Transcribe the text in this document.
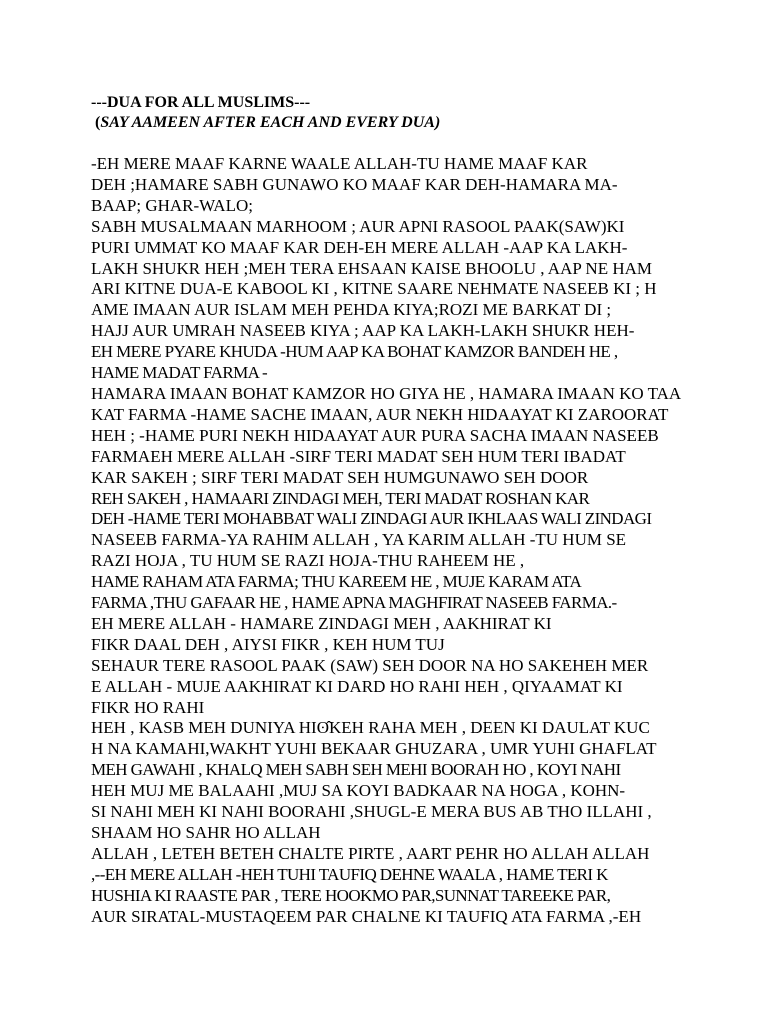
---DUA FOR ALL MUSLIMS---
(SAY AAMEEN AFTER EACH AND EVERY DUA)
-EH MERE MAAF KARNE WAALE ALLAH-TU HAME MAAF KAR
DEH ;HAMARE SABH GUNAWO KO MAAF KAR DEH-HAMARA MA-
BAAP; GHAR-WALO;
SABH MUSALMAAN MARHOOM ; AUR APNI RASOOL PAAK(SAW)KI
PURI UMMAT KO MAAF KAR DEH-EH MERE ALLAH -AAP KA LAKH-
LAKH SHUKR HEH ;MEH TERA EHSAAN KAISE BHOOLU , AAP NE HAM
ARI KITNE DUA-E KABOOL KI , KITNE SAARE NEHMATE NASEEB KI ; H
AME IMAAN AUR ISLAM MEH PEHDA KIYA;ROZI ME BARKAT DI ;
HAJJ AUR UMRAH NASEEB KIYA ; AAP KA LAKH-LAKH SHUKR HEH-
EH MERE PYARE KHUDA -HUM AAP KA BOHAT KAMZOR BANDEH HE ,
HAME MADAT FARMA -
HAMARA IMAAN BOHAT KAMZOR HO GIYA HE , HAMARA IMAAN KO TAA
KAT FARMA -HAME SACHE IMAAN, AUR NEKH HIDAAYAT KI ZAROORAT
HEH ; -HAME PURI NEKH HIDAAYAT AUR PURA SACHA IMAAN NASEEB
FARMAEH MERE ALLAH -SIRF TERI MADAT SEH HUM TERI IBADAT
KAR SAKEH ; SIRF TERI MADAT SEH HUMGUNAWO SEH DOOR
REH SAKEH , HAMAARI ZINDAGI MEH, TERI MADAT ROSHAN KAR
DEH -HAME TERI MOHABBAT WALI ZINDAGI AUR IKHLAAS WALI ZINDAGI
NASEEB FARMA-YA RAHIM ALLAH , YA KARIM ALLAH -TU HUM SE
RAZI HOJA , TU HUM SE RAZI HOJA-THU RAHEEM HE ,
HAME RAHAM ATA FARMA; THU KAREEM HE , MUJE KARAM ATA
FARMA ,THU GAFAAR HE , HAME APNA MAGHFIRAT NASEEB FARMA.-
EH MERE ALLAH - HAMARE ZINDAGI MEH , AAKHIRAT KI
FIKR DAAL DEH , AIYSI FIKR , KEH HUM TUJ
SEHAUR TERE RASOOL PAAK (SAW) SEH DOOR NA HO SAKEHEH MER
E ALLAH - MUJE AAKHIRAT KI DARD HO RAHI HEH , QIYAAMAT KI
FIKR HO RAHI
HEH , KASB MEH DUNIYA HIʘ̂KEH RAHA MEH , DEEN KI DAULAT KUC
H NA KAMAHI,WAKHT YUHI BEKAAR GHUZARA , UMR YUHI GHAFLAT
MEH GAWAHI , KHALQ MEH SABH SEH MEHI BOORAH HO , KOYI NAHI
HEH MUJ ME BALAAHI ,MUJ SA KOYI BADKAAR NA HOGA , KOHN-
SI NAHI MEH KI NAHI BOORAHI ,SHUGL-E MERA BUS AB THO ILLAHI ,
SHAAM HO SAHR HO ALLAH
ALLAH , LETEH BETEH CHALTE PIRTE , AART PEHR HO ALLAH ALLAH
,--EH MERE ALLAH -HEH TUHI TAUFIQ DEHNE WAALA , HAME TERI K
HUSHIA KI RAASTE PAR , TERE HOOKMO PAR,SUNNAT TAREEKE PAR,
AUR SIRATAL-MUSTAQEEM PAR CHALNE KI TAUFIQ ATA FARMA ,-EH
